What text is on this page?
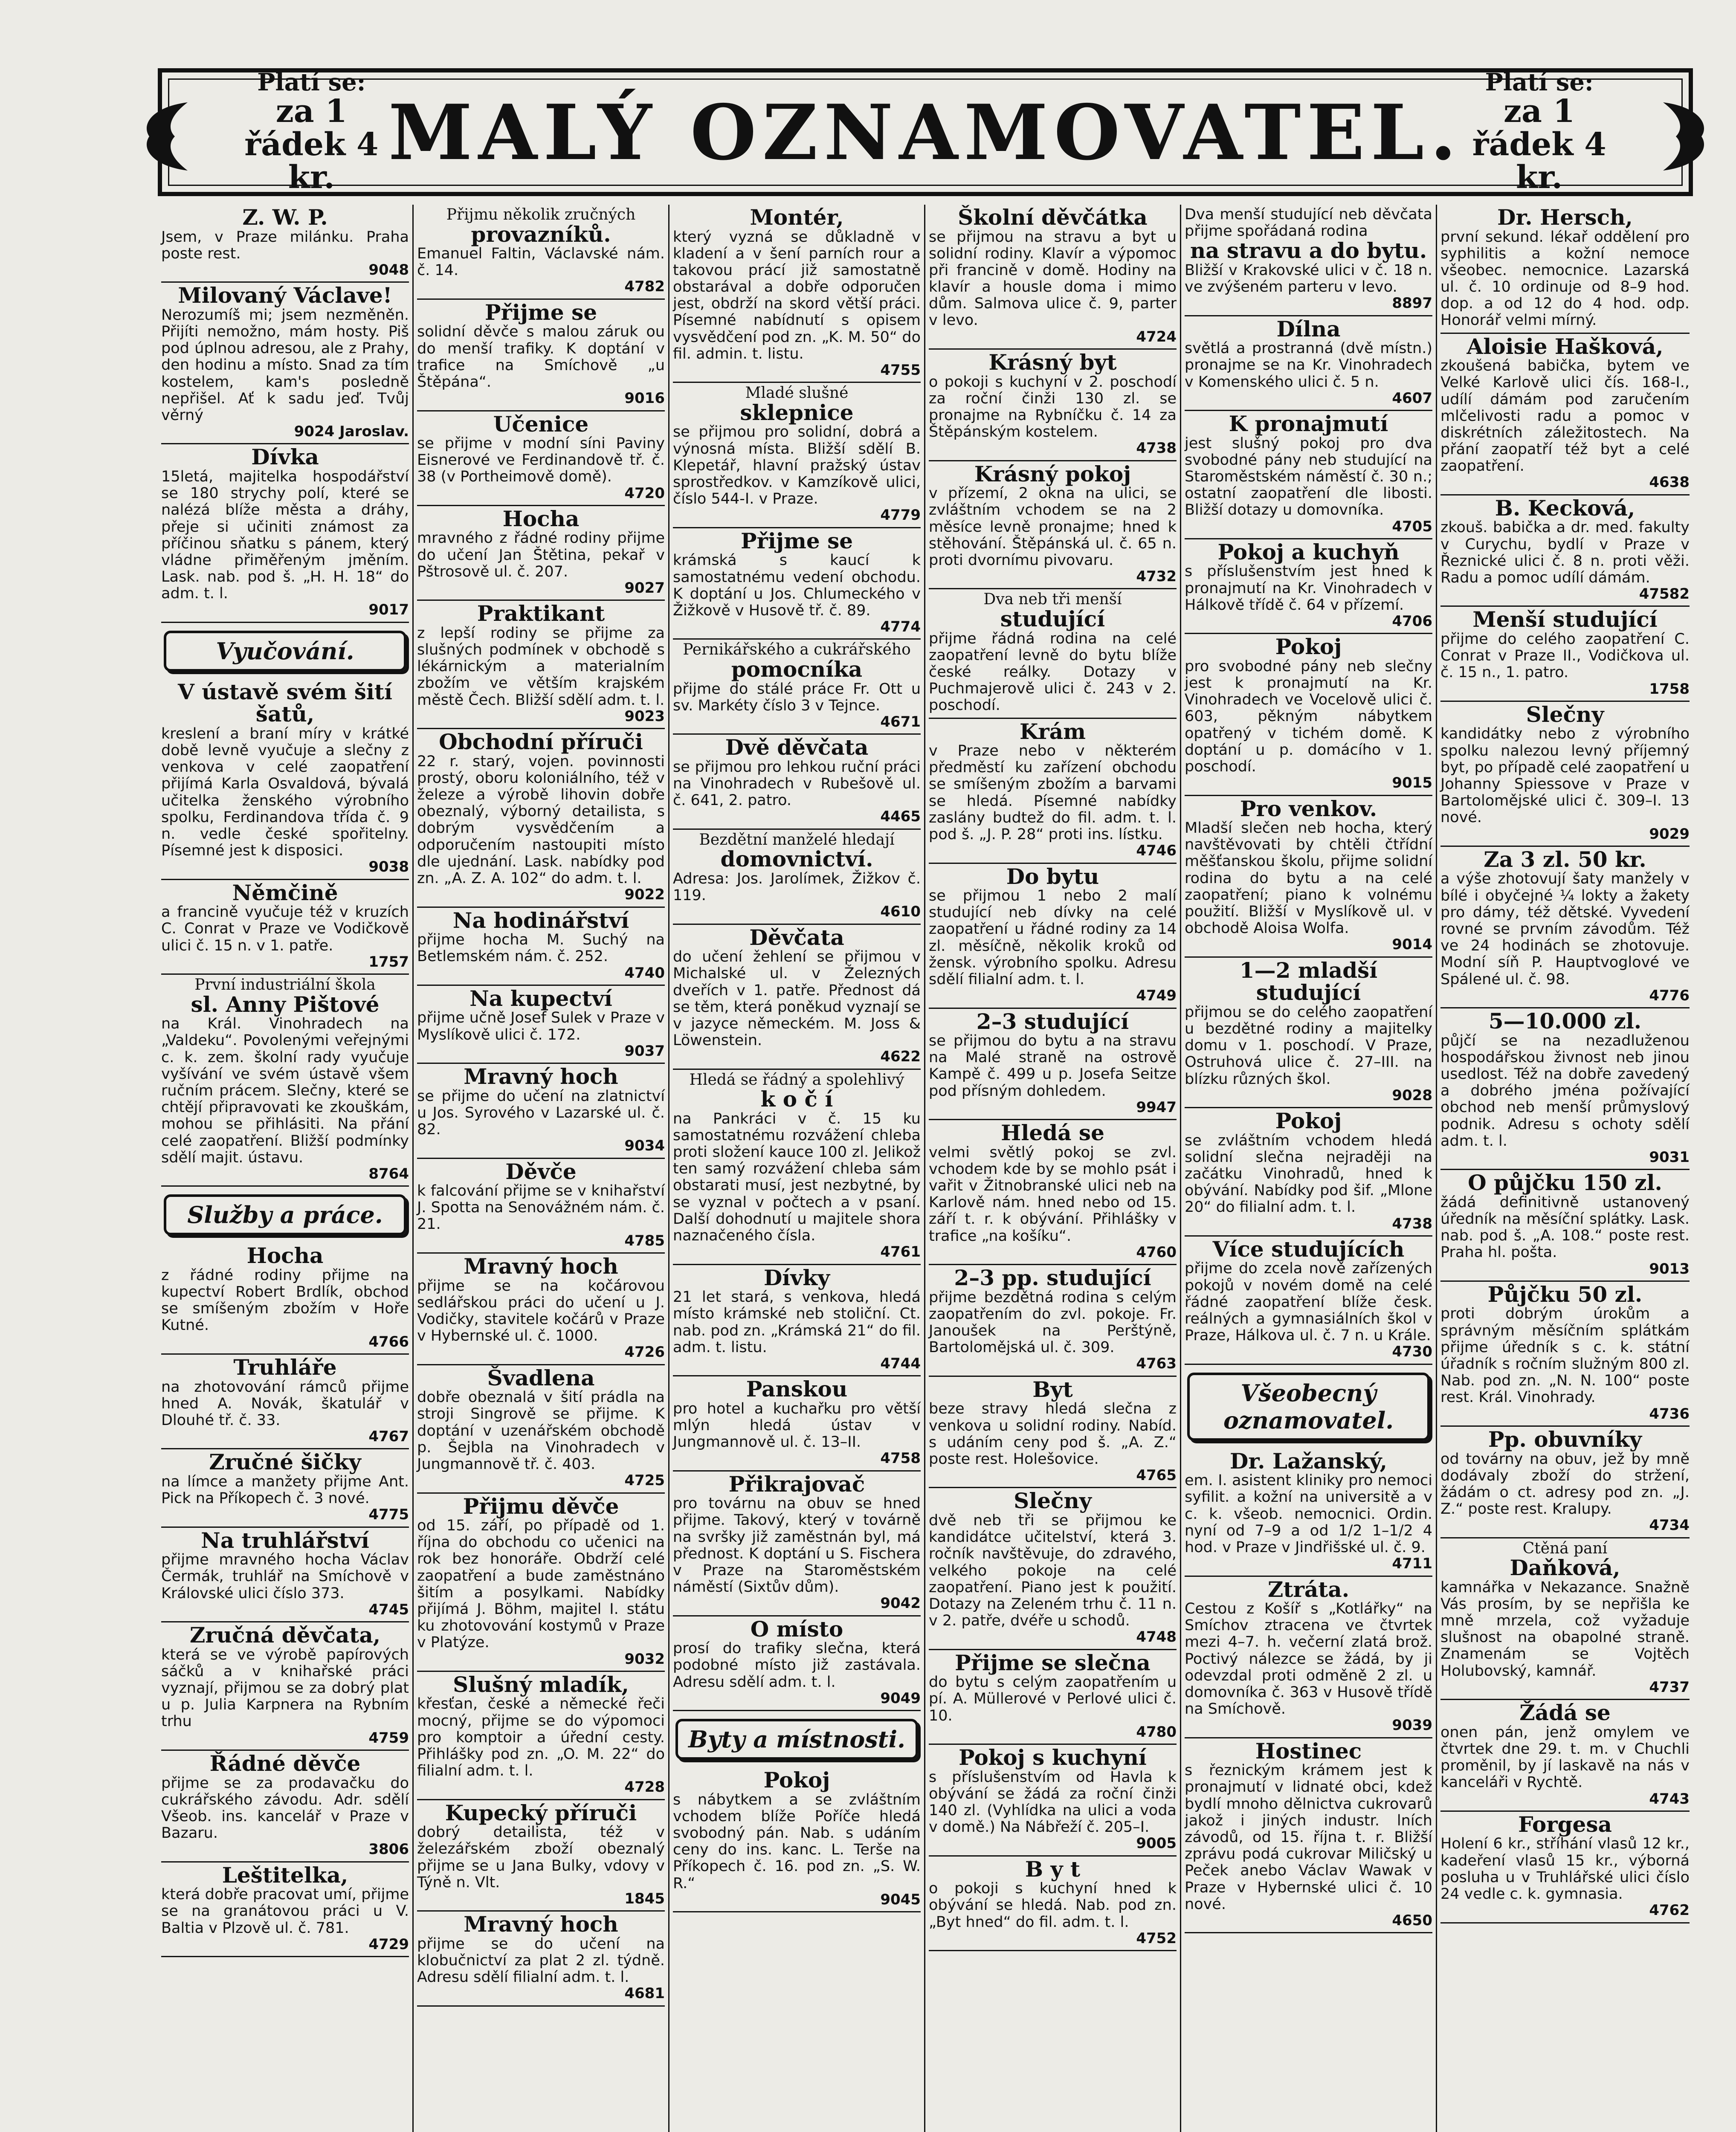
Platí se:
za 1 řádek 4 kr.
MALÝ OZNAMOVATEL.
Platí se:
za 1 řádek 4 kr.
Z. W. P.

Jsem, v Praze milánku. Praha poste rest.

9048
Milovaný Václave!

Nerozumíš mi; jsem nezměněn. Přijíti nemožno, mám hosty. Piš pod úplnou adresou, ale z Prahy, den hodinu a místo. Snad za tím kostelem, kam's posledně nepřišel. Ať k sadu jeď. Tvůj věrný

9024 Jaroslav.
Dívka

15letá, majitelka hospodářství se 180 strychy polí, které se nalézá blíže města a dráhy, přeje si učiniti známost za příčinou sňatku s pánem, který vládne přiměřeným jměním. Lask. nab. pod š. „H. H. 18“ do adm. t. l.

9017
Vyučování.
V ústavě svém šití šatů,

kreslení a braní míry v krátké době levně vyučuje a slečny z venkova v celé zaopatření přijímá Karla Osvaldová, bývalá učitelka ženského výrobního spolku, Ferdinandova třída č. 9 n. vedle české spořitelny. Písemné jest k disposici.

9038
Němčině

a francině vyučuje též v kruzích C. Conrat v Praze ve Vodičkově ulici č. 15 n. v 1. patře.

1757
První industriální škola
sl. Anny Pištové

na Král. Vinohradech na „Valdeku“. Povolenými veřejnými c. k. zem. školní rady vyučuje vyšívání ve svém ústavě všem ručním prácem. Slečny, které se chtějí připravovati ke zkouškám, mohou se přihlásiti. Na přání celé zaopatření. Bližší podmínky sdělí majit. ústavu.

8764
Služby a práce.
Hocha

z řádné rodiny přijme na kupectví Robert Brdlík, obchod se smíšeným zbožím v Hoře Kutné.

4766
Truhláře

na zhotovování rámců přijme hned A. Novák, škatulář v Dlouhé tř. č. 33.

4767
Zručné šičky

na límce a manžety přijme Ant. Pick na Příkopech č. 3 nové.

4775
Na truhlářství

přijme mravného hocha Václav Čermák, truhlář na Smíchově v Královské ulici číslo 373.

4745
Zručná děvčata,

která se ve výrobě papírových sáčků a v knihařské práci vyznají, přijmou se za dobrý plat u p. Julia Karpnera na Rybním trhu

4759
Řádné děvče

přijme se za prodavačku do cukrářského závodu. Adr. sdělí Všeob. ins. kancelář v Praze v Bazaru.

3806
Leštitelka,

která dobře pracovat umí, přijme se na granátovou práci u V. Baltia v Plzově ul. č. 781.

4729
Přijmu několik zručných
provazníků.

Emanuel Faltin, Václavské nám. č. 14.

4782
Přijme se

solidní děvče s malou záruk ou do menší trafiky. K doptání v trafice na Smíchově „u Štěpána“.

9016
Učenice

se přijme v modní síni Paviny Eisnerové ve Ferdinandově tř. č. 38 (v Portheimově domě).

4720
Hocha

mravného z řádné rodiny přijme do učení Jan Štětina, pekař v Pštrosově ul. č. 207.

9027
Praktikant

z lepší rodiny se přijme za slušných podmínek v obchodě s lékárnickým a materialním zbožím ve větším krajském městě Čech. Bližší sdělí adm. t. l.

9023
Obchodní příruči

22 r. starý, vojen. povinnosti prostý, oboru koloniálního, též v železe a výrobě lihovin dobře obeznalý, výborný detailista, s dobrým vysvědčením a odporučením nastoupiti místo dle ujednání. Lask. nabídky pod zn. „A. Z. A. 102“ do adm. t. l.

9022
Na hodinářství

přijme hocha M. Suchý na Betlemském nám. č. 252.

4740
Na kupectví

přijme učně Josef Sulek v Praze v Myslíkově ulici č. 172.

9037
Mravný hoch

se přijme do učení na zlatnictví u Jos. Syrového v Lazarské ul. č. 82.

9034
Děvče

k falcování přijme se v knihařství J. Spotta na Senovážném nám. č. 21.

4785
Mravný hoch

přijme se na kočárovou sedlářskou práci do učení u J. Vodičky, stavitele kočárů v Praze v Hybernské ul. č. 1000.

4726
Švadlena

dobře obeznalá v šití prádla na stroji Singrově se přijme. K doptání v uzenářském obchodě p. Šejbla na Vinohradech v Jungmannově tř. č. 403.

4725
Přijmu děvče

od 15. září, po případě od 1. října do obchodu co učenici na rok bez honoráře. Obdrží celé zaopatření a bude zaměstnáno šitím a posylkami. Nabídky přijímá J. Böhm, majitel I. státu ku zhotovování kostymů v Praze v Platýze.

9032
Slušný mladík,

křesťan, české a německé řeči mocný, přijme se do výpomoci pro komptoir a úřední cesty. Přihlášky pod zn. „O. M. 22“ do filialní adm. t. l.

4728
Kupecký příruči

dobrý detailista, též v železářském zboží obeznalý přijme se u Jana Bulky, vdovy v Týně n. Vlt.

1845
Mravný hoch

přijme se do učení na klobučnictví za plat 2 zl. týdně. Adresu sdělí filialní adm. t. l.

4681
Montér,

který vyzná se důkladně v kladení a v šení parních rour a takovou prácí již samostatně obstarával a dobře odporučen jest, obdrží na skord větší práci. Písemné nabídnutí s opisem vysvědčení pod zn. „K. M. 50“ do fil. admin. t. listu.

4755
Mladé slušné
sklepnice

se přijmou pro solidní, dobrá a výnosná místa. Bližší sdělí B. Klepetář, hlavní pražský ústav sprostředkov. v Kamzíkově ulici, číslo 544-I. v Praze.

4779
Přijme se

krámská s kaucí k samostatnému vedení obchodu. K doptání u Jos. Chlumeckého v Žižkově v Husově tř. č. 89.

4774
Pernikářského a cukrářského
pomocníka

přijme do stálé práce Fr. Ott u sv. Markéty číslo 3 v Tejnce.

4671
Dvě děvčata

se přijmou pro lehkou ruční práci na Vinohradech v Rubešově ul. č. 641, 2. patro.

4465
Bezdětní manželé hledají
domovnictví.

Adresa: Jos. Jarolímek, Žižkov č. 119.

4610
Děvčata

do učení žehlení se přijmou v Michalské ul. v Železných dveřích v 1. patře. Přednost dá se těm, která poněkud vyznají se v jazyce německém. M. Joss & Löwenstein.

4622
Hledá se řádný a spolehlivý
k o č í

na Pankráci v č. 15 ku samostatnému rozvážení chleba proti složení kauce 100 zl. Jelikož ten samý rozvážení chleba sám obstarati musí, jest nezbytné, by se vyznal v počtech a v psaní. Další dohodnutí u majitele shora naznačeného čísla.

4761
Dívky

21 let stará, s venkova, hledá místo krámské neb stoliční. Ct. nab. pod zn. „Krámská 21“ do fil. adm. t. listu.

4744
Panskou

pro hotel a kuchařku pro větší mlýn hledá ústav v Jungmannově ul. č. 13–II.

4758
Přikrajovač

pro továrnu na obuv se hned přijme. Takový, který v továrně na svršky již zaměstnán byl, má přednost. K doptání u S. Fischera v Praze na Staroměstském náměstí (Sixtův dům).

9042
O místo

prosí do trafiky slečna, která podobné místo již zastávala. Adresu sdělí adm. t. l.

9049
Byty a místnosti.
Pokoj

s nábytkem a se zvláštním vchodem blíže Poříče hledá svobodný pán. Nab. s udáním ceny do ins. kanc. L. Terše na Příkopech č. 16. pod zn. „S. W. R.“

9045
Školní děvčátka

se přijmou na stravu a byt u solidní rodiny. Klavír a výpomoc při francině v domě. Hodiny na klavír a housle doma i mimo dům. Salmova ulice č. 9, parter v levo.

4724
Krásný byt

o pokoji s kuchyní v 2. poschodí za roční činži 130 zl. se pronajme na Rybníčku č. 14 za Štěpánským kostelem.

4738
Krásný pokoj

v přízemí, 2 okna na ulici, se zvláštním vchodem se na 2 měsíce levně pronajme; hned k stěhování. Štěpánská ul. č. 65 n. proti dvornímu pivovaru.

4732
Dva neb tři menší
studující

přijme řádná rodina na celé zaopatření levně do bytu blíže české reálky. Dotazy v Puchmajerově ulici č. 243 v 2. poschodí.

Krám

v Praze nebo v některém předměstí ku zařízení obchodu se smíšeným zbožím a barvami se hledá. Písemné nabídky zaslány budtež do fil. adm. t. l. pod š. „J. P. 28“ proti ins. lístku.

4746
Do bytu

se přijmou 1 nebo 2 malí studující neb dívky na celé zaopatření u řádné rodiny za 14 zl. měsíčně, několik kroků od žensk. výrobního spolku. Adresu sdělí filialní adm. t. l.

4749
2–3 studující

se přijmou do bytu a na stravu na Malé straně na ostrově Kampě č. 499 u p. Josefa Seitze pod přísným dohledem.

9947
Hledá se

velmi světlý pokoj se zvl. vchodem kde by se mohlo psát i vařit v Žitnobranské ulici neb na Karlově nám. hned nebo od 15. září t. r. k obývání. Přihlášky v trafice „na košíku“.

4760
2–3 pp. studující

přijme bezdětná rodina s celým zaopatřením do zvl. pokoje. Fr. Janoušek na Perštýně, Bartolomějská ul. č. 309.

4763
Byt

beze stravy hledá slečna z venkova u solidní rodiny. Nabíd. s udáním ceny pod š. „A. Z.“ poste rest. Holešovice.

4765
Slečny

dvě neb tři se přijmou ke kandidátce učitelství, která 3. ročník navštěvuje, do zdravého, velkého pokoje na celé zaopatření. Piano jest k použití. Dotazy na Zeleném trhu č. 11 n. v 2. patře, dvéře u schodů.

4748
Přijme se slečna

do bytu s celým zaopatřením u pí. A. Müllerové v Perlové ulici č. 10.

4780
Pokoj s kuchyní

s příslušenstvím od Havla k obývání se žádá za roční činži 140 zl. (Vyhlídka na ulici a voda v domě.) Na Nábřeží č. 205–I.

9005
B y t

o pokoji s kuchyní hned k obývání se hledá. Nab. pod zn. „Byt hned“ do fil. adm. t. l.

4752

Dva menší studující neb děvčata přijme spořádaná rodina

na stravu a do bytu.

Bližší v Krakovské ulici v č. 18 n. ve zvýšeném parteru v levo.

8897
Dílna

světlá a prostranná (dvě místn.) pronajme se na Kr. Vinohradech v Komenského ulici č. 5 n.

4607
K pronajmutí

jest slušný pokoj pro dva svobodné pány neb studující na Staroměstském náměstí č. 30 n.; ostatní zaopatření dle libosti. Bližší dotazy u domovníka.

4705
Pokoj a kuchyň

s příslušenstvím jest hned k pronajmutí na Kr. Vinohradech v Hálkově třídě č. 64 v přízemí.

4706
Pokoj

pro svobodné pány neb slečny jest k pronajmutí na Kr. Vinohradech ve Vocelově ulici č. 603, pěkným nábytkem opatřený v tichém domě. K doptání u p. domácího v 1. poschodí.

9015
Pro venkov.

Mladší slečen neb hocha, který navštěvovati by chtěli čtřídní měšťanskou školu, přijme solidní rodina do bytu a na celé zaopatření; piano k volnému použití. Bližší v Myslíkově ul. v obchodě Aloisa Wolfa.

9014
1—2 mladší studující

přijmou se do celého zaopatření u bezdětné rodiny a majitelky domu v 1. poschodí. V Praze, Ostruhová ulice č. 27–III. na blízku různých škol.

9028
Pokoj

se zvláštním vchodem hledá solidní slečna nejraději na začátku Vinohradů, hned k obývání. Nabídky pod šif. „Mlone 20“ do filialní adm. t. l.

4738
Více studujících

přijme do zcela nově zařízených pokojů v novém domě na celé řádné zaopatření blíže česk. reálných a gymnasiálních škol v Praze, Hálkova ul. č. 7 n. u Krále.

4730
Všeobecný oznamovatel.
Dr. Lažanský,

em. I. asistent kliniky pro nemoci syfilit. a kožní na universitě a v c. k. všeob. nemocnici. Ordin. nyní od 7–9 a od 1/2 1–1/2 4 hod. v Praze v Jindřišské ul. č. 9.

4711
Ztráta.

Cestou z Košíř s „Kotlářky“ na Smíchov ztracena ve čtvrtek mezi 4–7. h. večerní zlatá brož. Poctivý nálezce se žádá, by ji odevzdal proti odměně 2 zl. u domovníka č. 363 v Husově třídě na Smíchově.

9039
Hostinec

s řeznickým krámem jest k pronajmutí v lidnaté obci, kdež bydlí mnoho dělnictva cukrovarů jakož i jiných industr. lních závodů, od 15. října t. r. Bližší zprávu podá cukrovar Miličský u Peček anebo Václav Wawak v Praze v Hybernské ulici č. 10 nové.

4650
Dr. Hersch,

první sekund. lékař oddělení pro syphilitis a kožní nemoce všeobec. nemocnice. Lazarská ul. č. 10 ordinuje od 8–9 hod. dop. a od 12 do 4 hod. odp. Honorář velmi mírný.

Aloisie Hašková,

zkoušená babička, bytem ve Velké Karlově ulici čís. 168-I., udílí dámám pod zaručením mlčelivosti radu a pomoc v diskrétních záležitostech. Na přání zaopatří též byt a celé zaopatření.

4638
B. Kecková,

zkouš. babička a dr. med. fakulty v Curychu, bydlí v Praze v Řeznické ulici č. 8 n. proti věži. Radu a pomoc udílí dámám.

47582
Menší studující

přijme do celého zaopatření C. Conrat v Praze II., Vodičkova ul. č. 15 n., 1. patro.

1758
Slečny

kandidátky nebo z výrobního spolku nalezou levný příjemný byt, po případě celé zaopatření u Johanny Spiessove v Praze v Bartolomějské ulici č. 309–I. 13 nové.

9029
Za 3 zl. 50 kr.

a výše zhotovují šaty manžely v bílé i obyčejné ¼ lokty a žakety pro dámy, též dětské. Vyvedení rovné se prvním závodům. Též ve 24 hodinách se zhotovuje. Modní síň P. Hauptvoglové ve Spálené ul. č. 98.

4776
5—10.000 zl.

půjčí se na nezadluženou hospodářskou živnost neb jinou usedlost. Též na dobře zavedený a dobrého jména požívající obchod neb menší průmyslový podnik. Adresu s ochoty sdělí adm. t. l.

9031
O půjčku 150 zl.

žádá definitivně ustanovený úředník na měsíční splátky. Lask. nab. pod š. „A. 108.“ poste rest. Praha hl. pošta.

9013
Půjčku 50 zl.

proti dobrým úrokům a správným měsíčním splátkám přijme úředník s c. k. státní úřadník s ročním služným 800 zl. Nab. pod zn. „N. N. 100“ poste rest. Král. Vinohrady.

4736
Pp. obuvníky

od továrny na obuv, jež by mně dodávaly zboží do stržení, žádám o ct. adresy pod zn. „J. Z.“ poste rest. Kralupy.

4734
Ctěná paní
Daňková,

kamnářka v Nekazance. Snažně Vás prosím, by se nepřišla ke mně mrzela, což vyžaduje slušnost na obapolné straně. Znamenám se Vojtěch Holubovský, kamnář.

4737
Žádá se

onen pán, jenž omylem ve čtvrtek dne 29. t. m. v Chuchli proměnil, by jí laskavě na nás v kanceláři v Rychtě.

4743
Forgesa

Holení 6 kr., stříhání vlasů 12 kr., kadeření vlasů 15 kr., výborná posluha u v Truhlářské ulici číslo 24 vedle c. k. gymnasia.

4762
